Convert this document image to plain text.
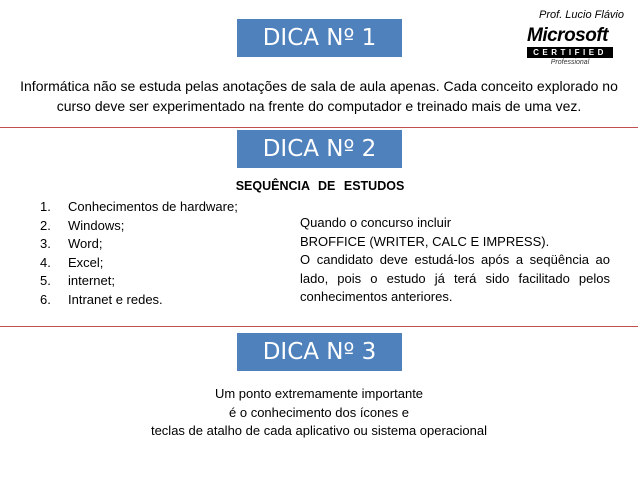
Prof. Lucio Flávio
Microsoft
CERTIFIED
Professional
DICA Nº 1
Informática não se estuda pelas anotações de sala de aula apenas. Cada conceito explorado no
curso deve ser experimentado na frente do computador e treinado mais de uma vez.
DICA Nº 2
SEQUÊNCIA DE ESTUDOS
1. Conhecimentos de hardware;
2. Windows;
3. Word;
4. Excel;
5. internet;
6. Intranet e redes.
Quando o concurso incluir
BROFFICE (WRITER, CALC E IMPRESS).
O candidato deve estudá-los após a seqüência ao lado, pois o estudo já terá sido facilitado pelos conhecimentos anteriores.
DICA Nº 3
Um ponto extremamente importante
é o conhecimento dos ícones e
teclas de atalho de cada aplicativo ou sistema operacional
